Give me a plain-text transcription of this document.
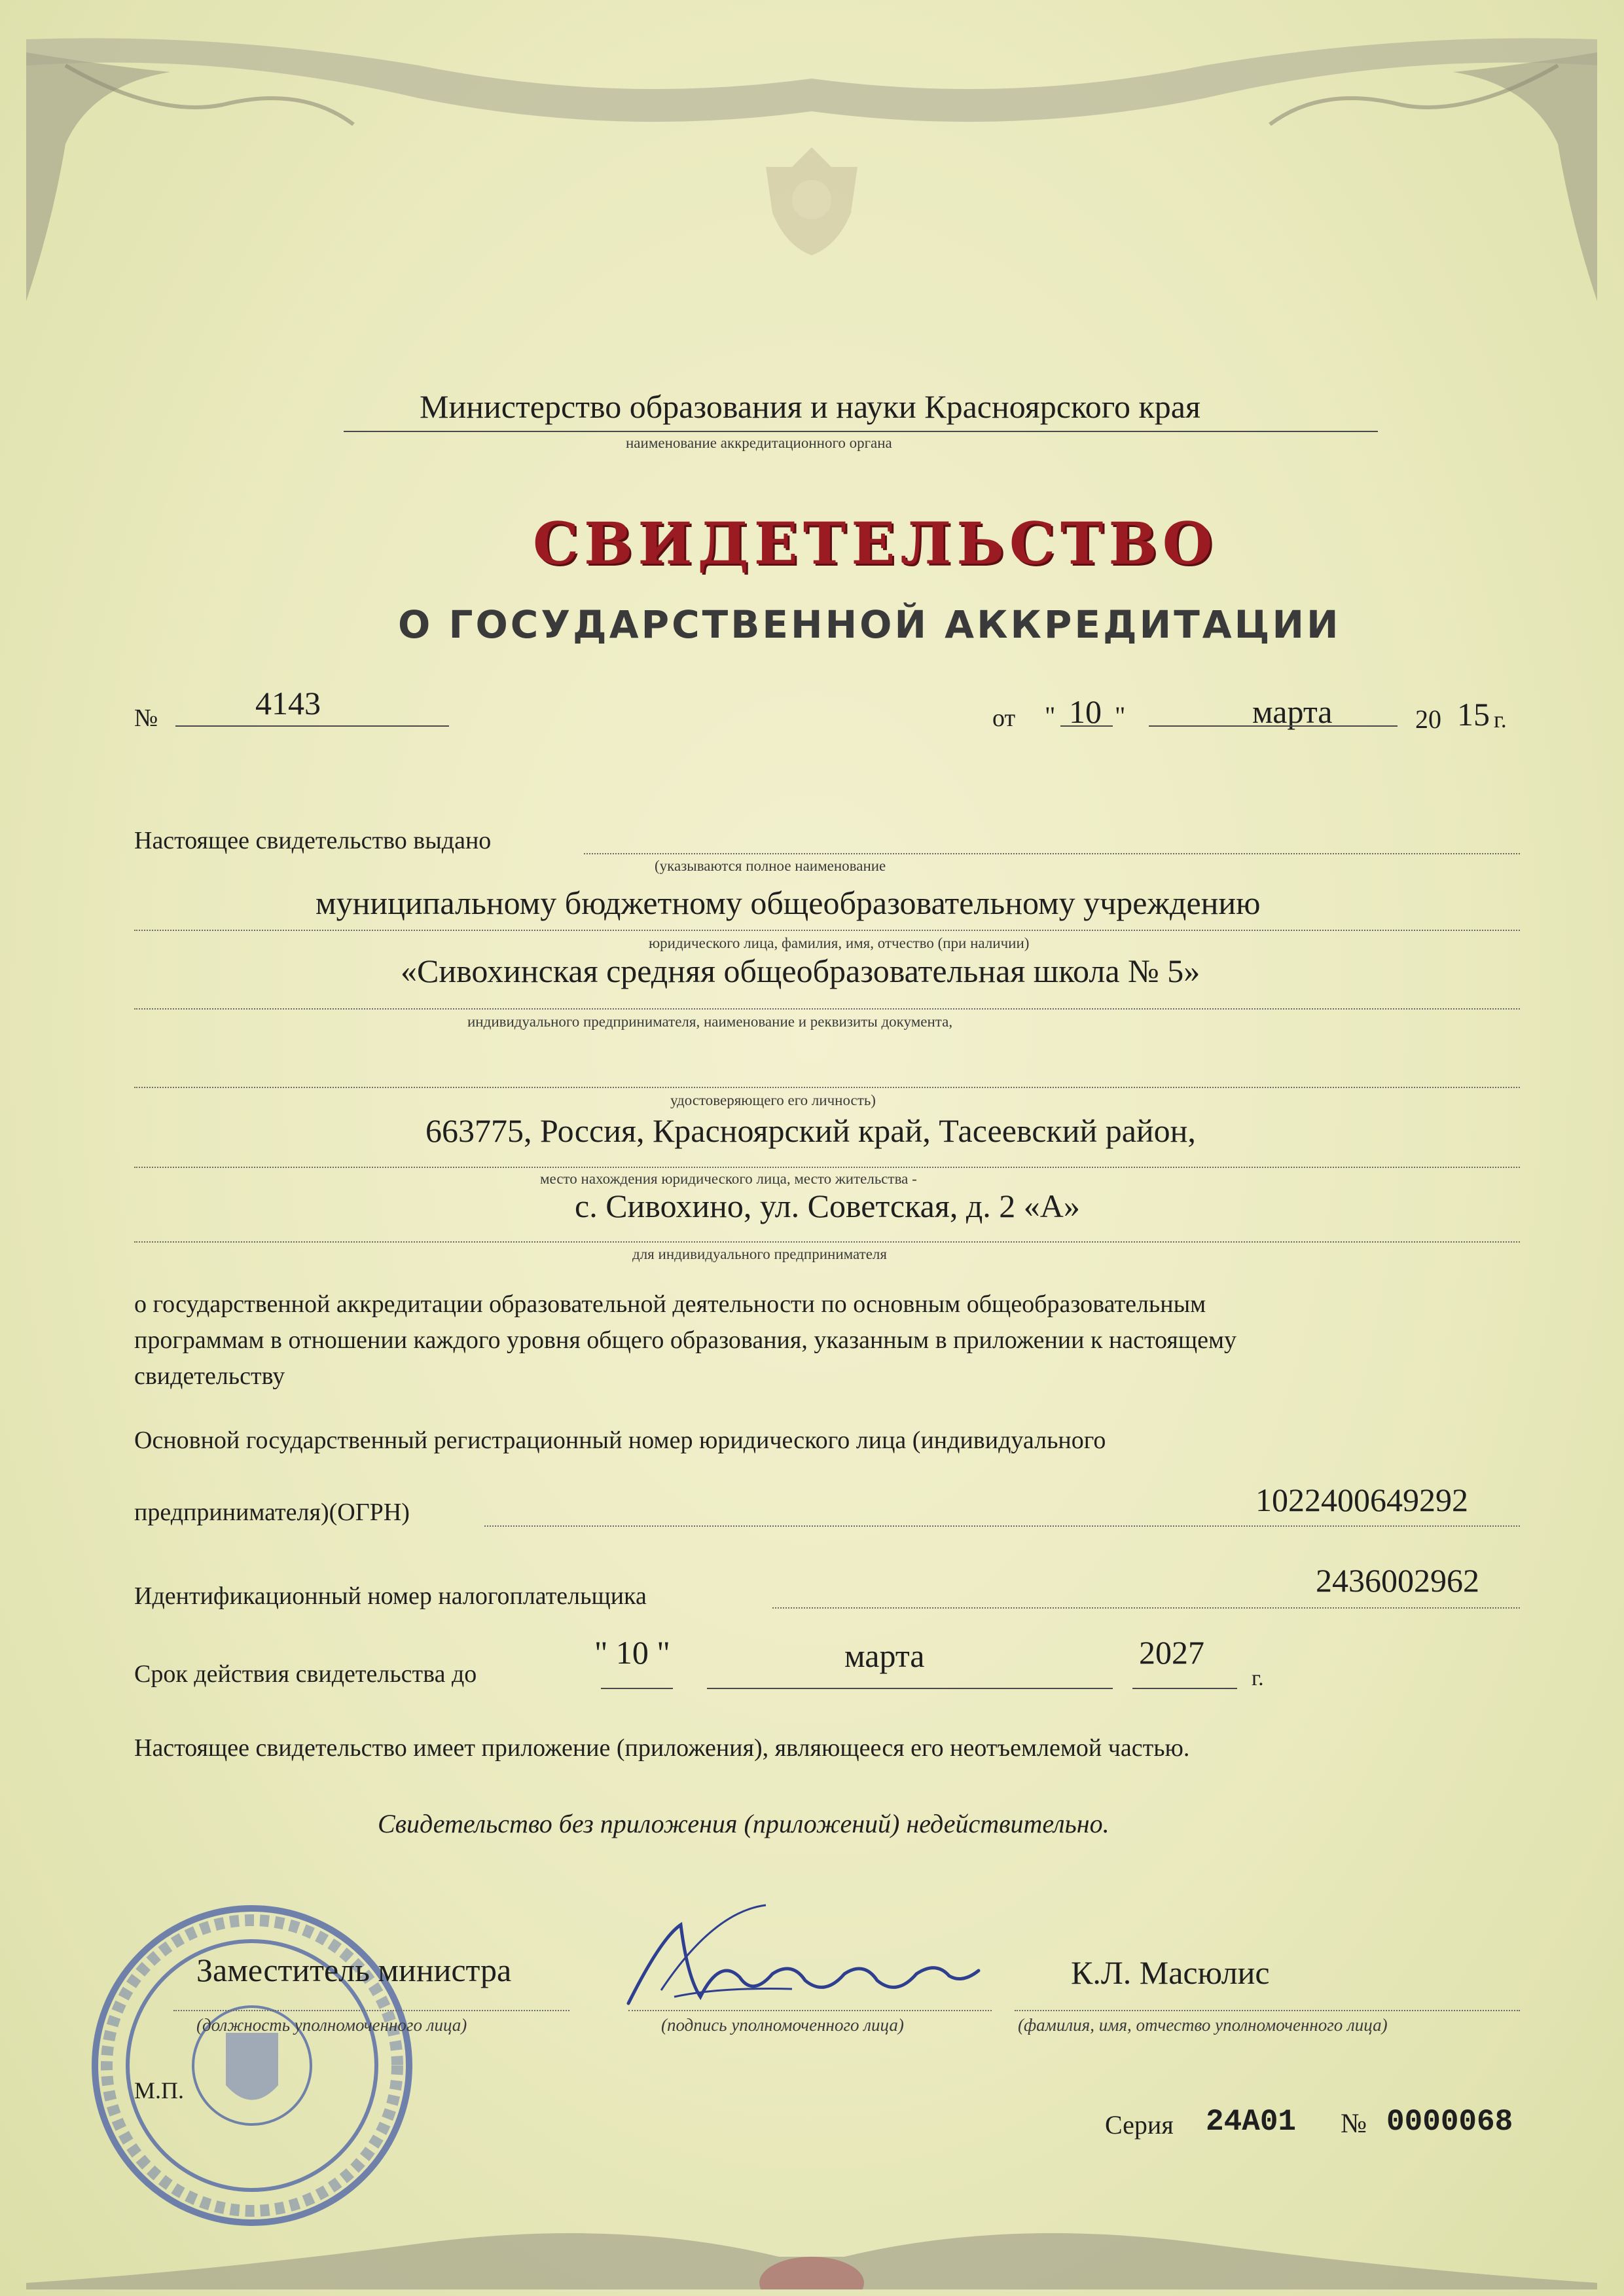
Министерство образования и науки Красноярского края
наименование аккредитационного органа
СВИДЕТЕЛЬСТВО
О ГОСУДАРСТВЕННОЙ АККРЕДИТАЦИИ
№	4143	от " 10 "	марта	20 15 г.
Настоящее свидетельство выдано
(указываются полное наименование
муниципальному бюджетному общеобразовательному учреждению
юридического лица, фамилия, имя, отчество (при наличии)
«Сивохинская средняя общеобразовательная школа № 5»
индивидуального предпринимателя, наименование и реквизиты документа,
удостоверяющего его личность)
663775, Россия, Красноярский край, Тасеевский район,
место нахождения юридического лица, место жительства -
с. Сивохино, ул. Советская, д. 2 «А»
для индивидуального предпринимателя
о государственной аккредитации образовательной деятельности по основным общеобразовательным
программам в отношении каждого уровня общего образования, указанным в приложении к настоящему
свидетельству
Основной государственный регистрационный номер юридического лица (индивидуального
предпринимателя)(ОГРН)	1022400649292
Идентификационный номер налогоплательщика	2436002962
Срок действия свидетельства до
" 10 "	марта	2027
г.
Настоящее свидетельство имеет приложение (приложения), являющееся его неотъемлемой частью.
Свидетельство без приложения (приложений) недействительно.
Заместитель министра
(должность уполномоченного лица)	(подпись уполномоченного лица)
К.Л. Масюлис
(фамилия, имя, отчество уполномоченного лица)
М.П.
Серия 24А01 № 0000068
